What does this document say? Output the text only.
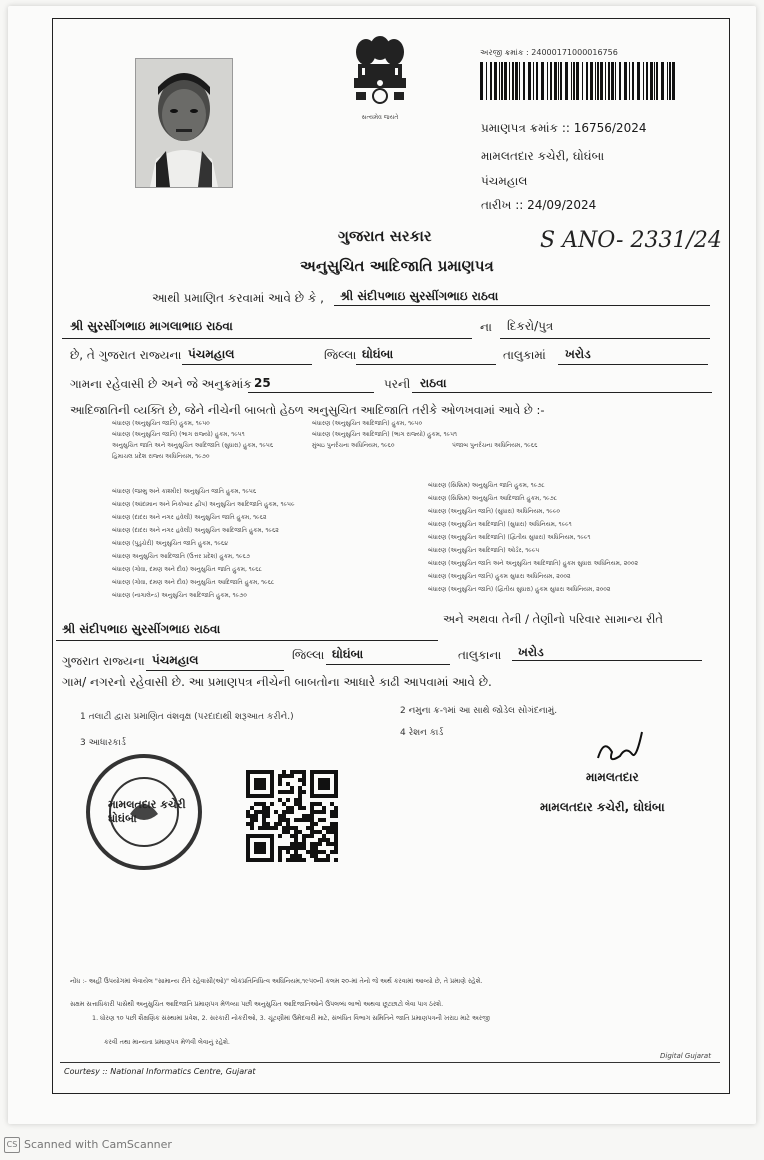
સત્યમેવ જયતે
અરજી ક્રમાંક : 24000171000016756
પ્રમાણપત્ર ક્રમાંક :: 16756/2024
મામલતદાર કચેરી, ઘોઘંબા
પંચમહાલ
તારીખ :: 24/09/2024
S ANO- 2331/24
ગુજરાત સરકાર
અનુસુચિત આદિજાતિ પ્રમાણપત્ર
આથી પ્રમાણિત કરવામાં આવે છે કે , શ્રી સંદીપભાઇ સુરસીંગભાઇ રાઠવા
શ્રી સુરસીંગભાઇ માગલાભાઇ રાઠવા	ના દિકરો/પુત્ર
છે, તે ગુજરાત રાજ્યના પંચમહાલ	જિલ્લા ઘોઘંબા	તાલુકામાં ખરોડ
ગામના રહેવાસી છે અને જે અનુક્રમાંક 25	પરની રાઠવા
આદિજાતિની વ્યક્તિ છે, જેને નીચેની બાબતો હેઠળ અનુસુચિત આદિજાતિ તરીકે ઓળખવામાં આવે છે :-
બંધારણ (અનુસુચિત જાતિ) હુકમ, ૧૯૫૦	બંધારણ (અનુસુચિત આદિજાતિ) હુકમ, ૧૯૫૦
બંધારણ (અનુસુચિત જાતિ) (ભાગ રાજ્યો) હુકમ, ૧૯૫૧	બંધારણ (અનુસુચિત આદિજાતિ) (ભાગ રાજ્યો) હુકમ, ૧૯૫૧
અનુસુચિત જાતિ અને અનુસુચિત આદિજાતિ (સુધારા) હુકમ, ૧૯૫૬	મુંબઇ પુનર્રચના અધિનિયમ, ૧૯૬૦	પંજાબ પુનર્રચના અધિનિયમ, ૧૯૬૬
હિમાચલ પ્રદેશ રાજ્ય અધિનિયમ, ૧૯૭૦
બંધારણ (જમ્મુ અને કાશ્મીર) અનુસુચિત જાતિ હુકમ, ૧૯૫૬
બંધારણ (આંદામાન અને નિકોબાર દ્વીપ) અનુસુચિત આદિજાતિ હુકમ, ૧૯૫૯
બંધારણ (દાદરા અને નગર હવેલી) અનુસુચિત જાતિ હુકમ, ૧૯૬૨
બંધારણ (દાદરા અને નગર હવેલી) અનુસુચિત આદિજાતિ હુકમ, ૧૯૬૨
બંધારણ (પુડુચેરી) અનુસુચિત જાતિ હુકમ, ૧૯૬૪
બંધારણ અનુસુચિત આદિજાતિ (ઉત્તર પ્રદેશ) હુકમ, ૧૯૬૭
બંધારણ (ગોવા, દમણ અને દીવ) અનુસુચિત જાતિ હુકમ, ૧૯૬૮
બંધારણ (ગોવા, દમણ અને દીવ) અનુસુચિત આદિજાતિ હુકમ, ૧૯૬૮
બંધારણ (નાગાલેન્ડ) અનુસુચિત આદિજાતિ હુકમ, ૧૯૭૦
બંધારણ (સિક્કિમ) અનુસુચિત જાતિ હુકમ, ૧૯૭૮
બંધારણ (સિક્કિમ) અનુસુચિત આદિજાતિ હુકમ, ૧૯૭૮
બંધારણ (અનુસુચિત જાતિ) (સુધારા) અધિનિયમ, ૧૯૯૦
બંધારણ (અનુસુચિત આદિજાતિ) (સુધારા) અધિનિયમ, ૧૯૯૧
બંધારણ (અનુસુચિત આદિજાતિ) (દ્વિતીય સુધારા) અધિનિયમ, ૧૯૯૧
બંધારણ (અનુસુચિત આદિજાતિ) ઓર્ડર, ૧૯૯૫
બંધારણ (અનુસુચિત જાતિ અને અનુસુચિત આદિજાતિ) હુકમ સુધારા અધિનિયમ, ૨૦૦૨
બંધારણ (અનુસુચિત જાતિ) હુકમ સુધારા અધિનિયમ, ૨૦૦૨
બંધારણ (અનુસુચિત જાતિ) (દ્વિતીય સુધારા) હુકમ સુધારા અધિનિયમ, ૨૦૦૨
શ્રી સંદીપભાઇ સુરસીંગભાઇ રાઠવા
અને અથવા તેની / તેણીનો પરિવાર સામાન્ય રીતે
ગુજરાત રાજ્યના પંચમહાલ	જિલ્લા ઘોઘંબા	તાલુકાના ખરોડ
ગામ/ નગરનો રહેવાસી છે. આ પ્રમાણપત્ર નીચેની બાબતોના આધારે કાઢી આપવામાં આવે છે.
1 તલાટી દ્વારા પ્રમાણિત વંશવૃક્ષ (પરદાદાથી શરૂઆત કરીને.)
2 નમુના ક્ર-૧માં આ સાથે જોડેલ સોગંદનામું.
3 આધારકાર્ડ
4 રેશન કાર્ડ
મામલતદાર કચેરી ઘોઘંબા
મામલતદાર
મામલતદાર કચેરી, ઘોઘંબા
નોંધ :- અહીં ઉપયોગમાં લેવાયેલ "સામાન્ય રીતે રહેવાસી(ઓ)" લોકપ્રતિનિધિત્વ અધિનિયમ,૧૯૫૦ની કલમ ૨૦-માં તેનો જે અર્થ કરવામાં આવ્યો છે, તે પ્રમાણે રહેશે.
સક્ષમ સત્તાધિકારી પાસેથી અનુસુચિત આદિજાતિ પ્રમાણપત્ર મેળવ્યા પછી અનુસુચિત આદિજાતિઓને ઉપલબ્ધ લાભો અથવા છૂટછાટો લેવા પાત્ર ઠરશે.
1. ધોરણ ૧૦ પછી શૈક્ષણિક સંસ્થામાં પ્રવેશ, 2. સરકારી નોકરીઓ, 3. ચૂંટણીમાં ઉમેદવારી માટે, સંબંધિત વિભાગ સમિતિને જાતિ પ્રમાણપત્રની ખરાઇ માટે અરજી
કરવી તથા માન્યતા પ્રમાણપત્ર મેળવી લેવાનું રહેશે.
Digital Gujarat
Courtesy :: National Informatics Centre, Gujarat
CS Scanned with CamScanner
